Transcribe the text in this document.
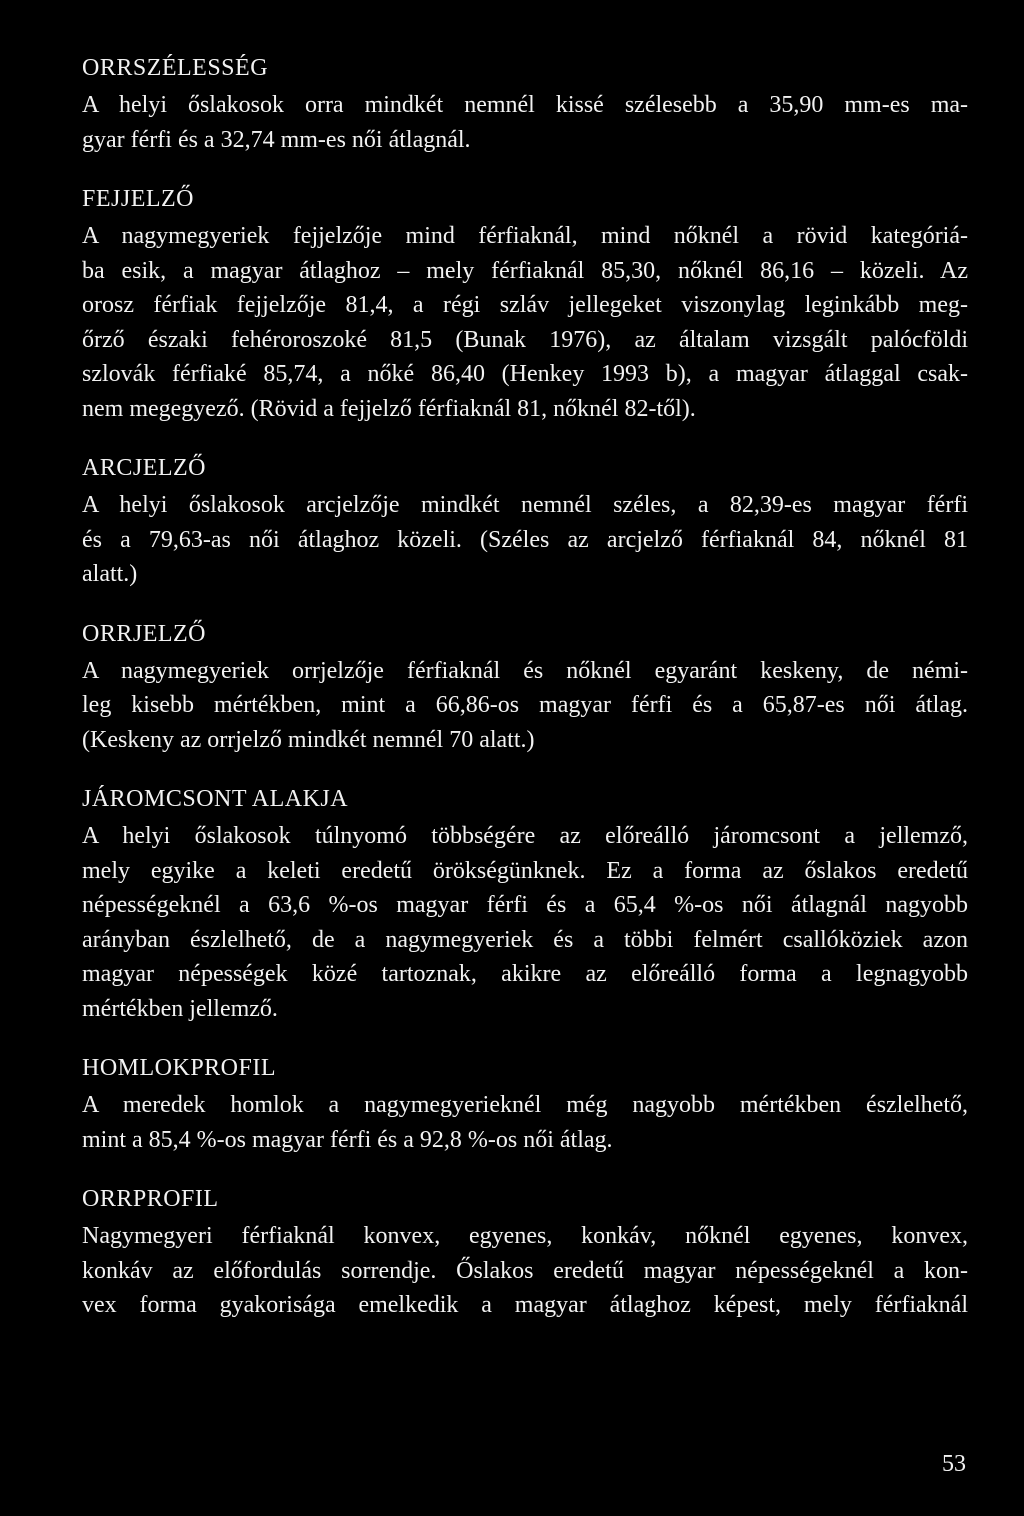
ORRSZÉLESSÉG
A helyi őslakosok orra mindkét nemnél kissé szélesebb a 35,90 mm-es ma-
gyar férfi és a 32,74 mm-es női átlagnál.
FEJJELZŐ
A nagymegyeriek fejjelzője mind férfiaknál, mind nőknél a rövid kategóriá-
ba esik, a magyar átlaghoz – mely férfiaknál 85,30, nőknél 86,16 – közeli. Az
orosz férfiak fejjelzője 81,4, a régi szláv jellegeket viszonylag leginkább meg-
őrző északi fehéroroszoké 81,5 (Bunak 1976), az általam vizsgált palócföldi
szlovák férfiaké 85,74, a nőké 86,40 (Henkey 1993 b), a magyar átlaggal csak-
nem megegyező. (Rövid a fejjelző férfiaknál 81, nőknél 82-től).
ARCJELZŐ
A helyi őslakosok arcjelzője mindkét nemnél széles, a 82,39-es magyar férfi
és a 79,63-as női átlaghoz közeli. (Széles az arcjelző férfiaknál 84, nőknél 81
alatt.)
ORRJELZŐ
A nagymegyeriek orrjelzője férfiaknál és nőknél egyaránt keskeny, de némi-
leg kisebb mértékben, mint a 66,86-os magyar férfi és a 65,87-es női átlag.
(Keskeny az orrjelző mindkét nemnél 70 alatt.)
JÁROMCSONT ALAKJA
A helyi őslakosok túlnyomó többségére az előreálló járomcsont a jellemző,
mely egyike a keleti eredetű örökségünknek. Ez a forma az őslakos eredetű
népességeknél a 63,6 %-os magyar férfi és a 65,4 %-os női átlagnál nagyobb
arányban észlelhető, de a nagymegyeriek és a többi felmért csallóköziek azon
magyar népességek közé tartoznak, akikre az előreálló forma a legnagyobb
mértékben jellemző.
HOMLOKPROFIL
A meredek homlok a nagymegyerieknél még nagyobb mértékben észlelhető,
mint a 85,4 %-os magyar férfi és a 92,8 %-os női átlag.
ORRPROFIL
Nagymegyeri férfiaknál konvex, egyenes, konkáv, nőknél egyenes, konvex,
konkáv az előfordulás sorrendje. Őslakos eredetű magyar népességeknél a kon-
vex forma gyakorisága emelkedik a magyar átlaghoz képest, mely férfiaknál
53
